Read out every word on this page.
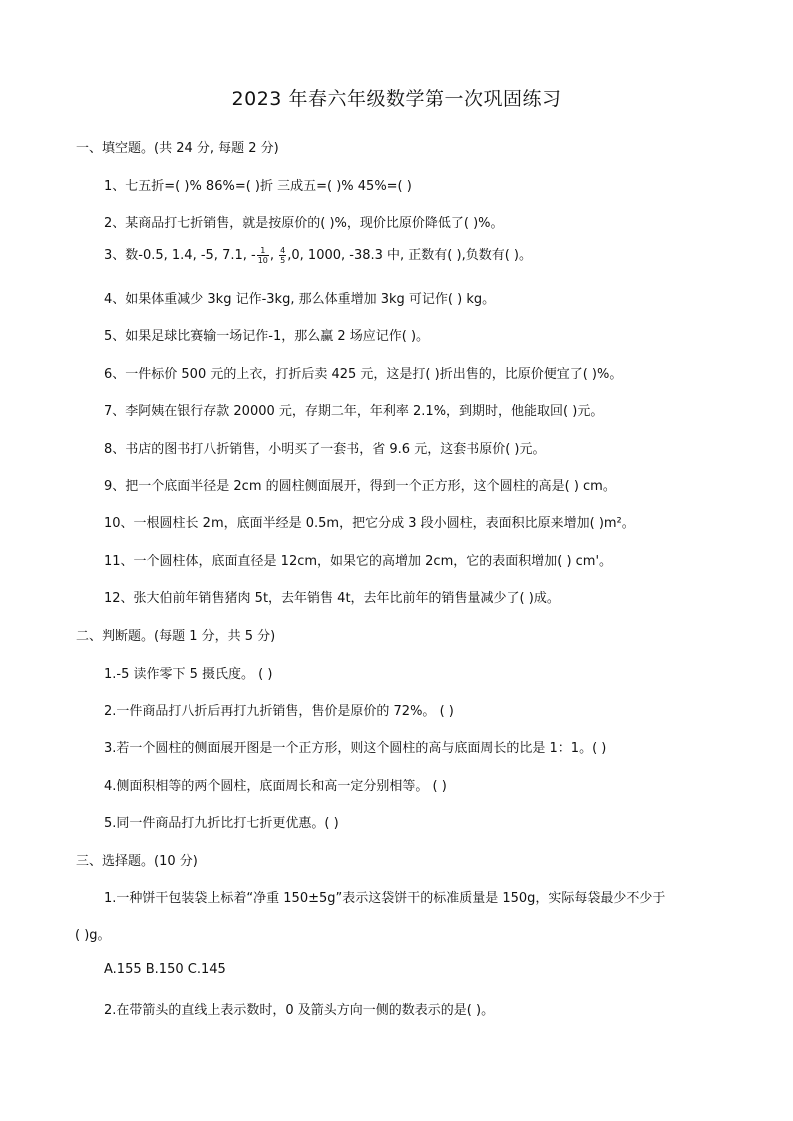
2023 年春六年级数学第一次巩固练习
一、填空题。(共 24 分, 每题 2 分)
1、七五折=( )% 86%=( )折 三成五=( )% 45%=( )
2、某商品打七折销售，就是按原价的( )%，现价比原价降低了( )%。
3、数-0.5, 1.4, -5, 7.1, - $\frac{1}{10}$ , $\frac{4}{5} ,0$, 1000, -38.3 中, 正数有( ),负数有( )。
4、如果体重减少 3kg 记作-3kg, 那么体重增加 3kg 可记作( ) kg。
5、如果足球比赛输一场记作-1，那么赢 2 场应记作( )。
6、一件标价 500 元的上衣，打折后卖 425 元，这是打( )折出售的，比原价便宜了( )%。
7、李阿姨在银行存款 20000 元，存期二年，年利率 2.1%，到期时，他能取回( )元。
8、书店的图书打八折销售，小明买了一套书，省 9.6 元，这套书原价( )元。
9、把一个底面半径是 2cm 的圆柱侧面展开，得到一个正方形，这个圆柱的高是( ) cm。
10、一根圆柱长 2m，底面半经是 0.5m，把它分成 3 段小圆柱，表面积比原来增加( )m²。
11、一个圆柱体，底面直径是 12cm，如果它的高增加 2cm，它的表面积增加( ) cm'。
12、张大伯前年销售猪肉 5t，去年销售 4t，去年比前年的销售量减少了( )成。
二、判断题。(每题 1 分，共 5 分)
1.-5 读作零下 5 摄氏度。 ( )
2.一件商品打八折后再打九折销售，售价是原价的 72%。 ( )
3.若一个圆柱的侧面展开图是一个正方形，则这个圆柱的高与底面周长的比是 1：1。( )
4.侧面积相等的两个圆柱，底面周长和高一定分别相等。 ( )
5.同一件商品打九折比打七折更优惠。( )
三、选择题。(10 分)
1.一种饼干包装袋上标着“净重 150±5g”表示这袋饼干的标准质量是 150g，实际每袋最少不少于
( )g。
A.155 B.150 C.145
2.在带箭头的直线上表示数时，0 及箭头方向一侧的数表示的是( )。
